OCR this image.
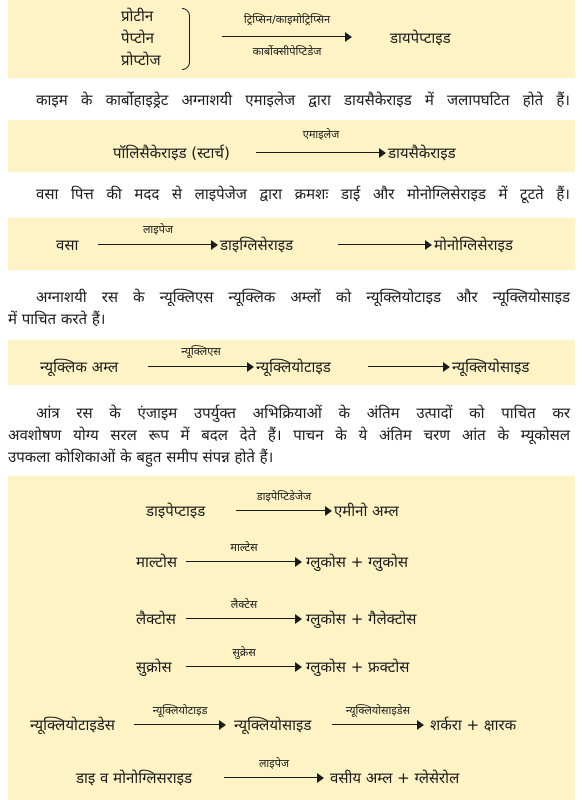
प्रोटीन
पेप्टोन
प्रोप्टोज
ट्रिप्सिन/काइमोट्रिप्सिन
कार्बोक्सीपेप्टिडेज
डायपेप्टाइड

काइम के कार्बोहाइड्रेट अग्नाशयी एमाइलेज द्वारा डायसैकेराइड में जलापघटित होते हैं।

पॉलिसैकेराइड (स्टार्च)
एमाइलेज
डायसैकेराइड

वसा पित्त की मदद से लाइपेजेज द्वारा क्रमशः डाई और मोनोग्लिसेराइड में टूटते हैं।

वसा
लाइपेज
डाइग्लिसेराइड	मोनोग्लिसेराइड

अग्नाशयी रस के न्यूक्लिएस न्यूक्लिक अम्लों को न्यूक्लियोटाइड और न्यूक्लियोसाइड

में पाचित करते हैं।

न्यूक्लिक अम्ल
न्यूक्लिएस
न्यूक्लियोटाइड	न्यूक्लियोसाइड

आंत्र रस के एंजाइम उपर्युक्त अभिक्रियाओं के अंतिम उत्पादों को पाचित कर

अवशोषण योग्य सरल रूप में बदल देते हैं। पाचन के ये अंतिम चरण आंत के म्यूकोसल

उपकला कोशिकाओं के बहुत समीप संपन्न होते हैं।

डाइपेप्टाइड
डाइपेप्टिडेजेज
एमीनो अम्ल
माल्टोस
माल्टेस
ग्लुकोस + ग्लुकोस
लैक्टोस
लैक्टेस
ग्लुकोस + गैलेक्टोस
सुक्रोस
सुक्रेस
ग्लुकोस + फ्रक्टोस
न्यूक्लियोटाइडेस
न्यूक्लियोटाइड
न्यूक्लियोसाइड
न्यूक्लियोसाइडेस
शर्करा + क्षारक
डाइ व मोनोग्लिसराइड
लाइपेज
वसीय अम्ल + ग्लेसेरोल
